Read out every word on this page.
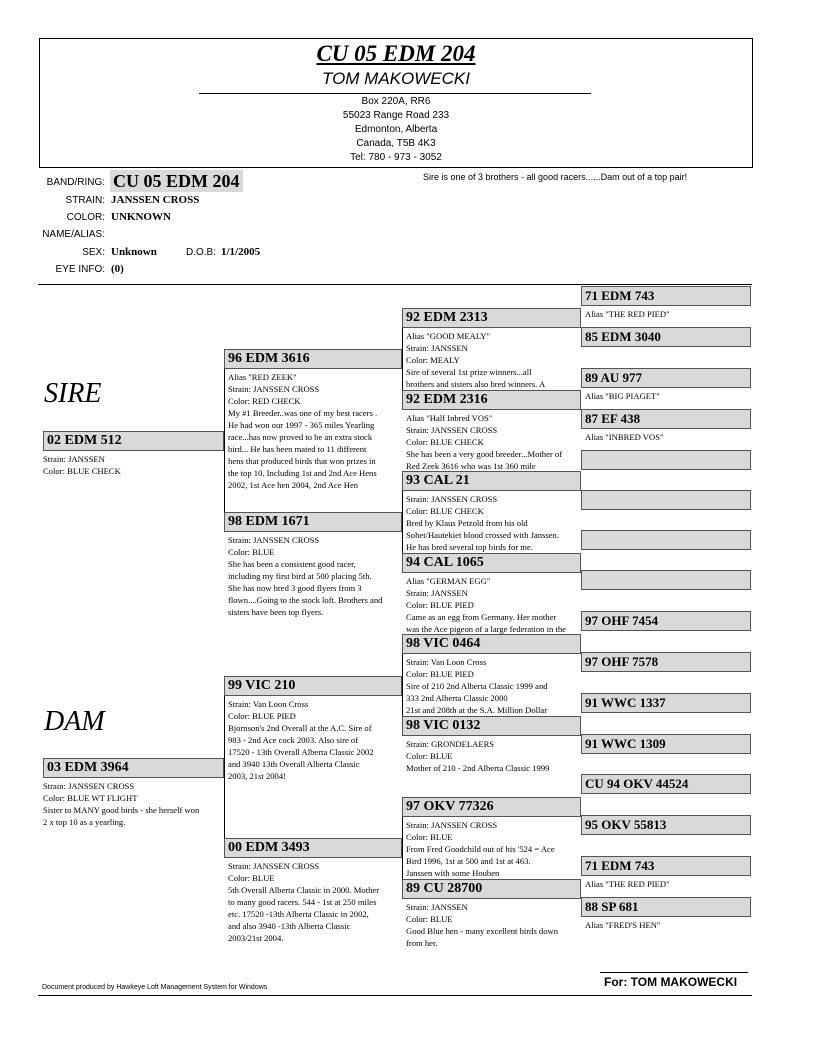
CU 05 EDM 204
TOM MAKOWECKI
Box 220A, RR6
55023 Range Road 233
Edmonton, Alberta
Canada, T5B 4K3
Tel: 780 - 973 - 3052
BAND/RING: CU 05 EDM 204	Sire is one of 3 brothers - all good racers......Dam out of a top pair!
STRAIN: JANSSEN CROSS
COLOR: UNKNOWN
NAME/ALIAS:
SEX: Unknown	D.O.B: 1/1/2005
EYE INFO: (0)
SIRE
DAM
02 EDM 512
Strain: JANSSEN
Color: BLUE CHECK
03 EDM 3964
Strain: JANSSEN CROSS
Color: BLUE WT FLIGHT
Sister to MANY good birds - she herself won
2 x top 10 as a yearling.
96 EDM 3616
Alias "RED ZEEK"
Strain: JANSSEN CROSS
Color: RED CHECK
My #1 Breeder..was one of my best racers .
He had won our 1997 - 365 miles Yearling
race...has now proved to be an extra stock
bird... He has been mated to 11 different
hens that produced birds that won prizes in
the top 10. Including 1st and 2nd Ace Hens
2002, 1st Ace hen 2004, 2nd Ace Hen
98 EDM 1671
Strain: JANSSEN CROSS
Color: BLUE
She has been a consistent good racer,
including my first bird at 500 placing 5th.
She has now bred 3 good flyers from 3
flown....Going to the stock loft. Brothers and
sisters have been top flyers.
99 VIC 210
Strain: Van Loon Cross
Color: BLUE PIED
Bjornson's 2nd Overall at the A.C. Sire of
983 - 2nd Ace cock 2003. Also sire of
17520 - 13th Overall Alberta Classic 2002
and 3940 13th Overall Alberta Classic
2003, 21st 2004!
00 EDM 3493
Strain: JANSSEN CROSS
Color: BLUE
5th Overall Alberta Classic in 2000. Mother
to many good racers. 544 - 1st at 250 miles
etc. 17520 -13th Alberta Classic in 2002,
and also 3940 -13th Alberta Classic
2003/21st 2004.
92 EDM 2313
Alias "GOOD MEALY"
Strain: JANSSEN
Color: MEALY
Sire of several 1st prize winners...all
brothers and sisters also bred winners. A
92 EDM 2316
Alias "Half Inbred VOS"
Strain: JANSSEN CROSS
Color: BLUE CHECK
She has been a very good breeder...Mother of
Red Zeek 3616 who was 1st 360 mile
93 CAL 21
Strain: JANSSEN CROSS
Color: BLUE CHECK
Bred by Klaus Petzold from his old
Sohet/Hautekiet blood crossed with Janssen.
He has bred several top birds for me.
94 CAL 1065
Alias "GERMAN EGG"
Strain: JANSSEN
Color: BLUE PIED
Came as an egg from Germany. Her mother
was the Ace pigeon of a large federation in the
98 VIC 0464
Strain: Van Loon Cross
Color: BLUE PIED
Sire of 210 2nd Alberta Classic 1999 and
333 2nd Alberta Classic 2000
21st and 208th at the S.A. Million Dollar
98 VIC 0132
Strain: GRONDELAERS
Color: BLUE
Mother of 210 - 2nd Alberta Classic 1999
97 OKV 77326
Strain: JANSSEN CROSS
Color: BLUE
From Fred Goodchild out of his '524 = Ace
Bird 1996, 1st at 500 and 1st at 463.
Janssen with some Houben
89 CU 28700
Strain: JANSSEN
Color: BLUE
Good Blue hen - many excellent birds down
from her.
71 EDM 743
Alias "THE RED PIED"
85 EDM 3040
89 AU 977
Alias "BIG PIAGET"
87 EF 438
Alias "INBRED VOS"
97 OHF 7454
97 OHF 7578
91 WWC 1337
91 WWC 1309
CU 94 OKV 44524
95 OKV 55813
71 EDM 743
Alias "THE RED PIED"
88 SP 681
Alias "FRED'S HEN"
Document produced by Hawkeye Loft Management System for Windows	For: TOM MAKOWECKI
